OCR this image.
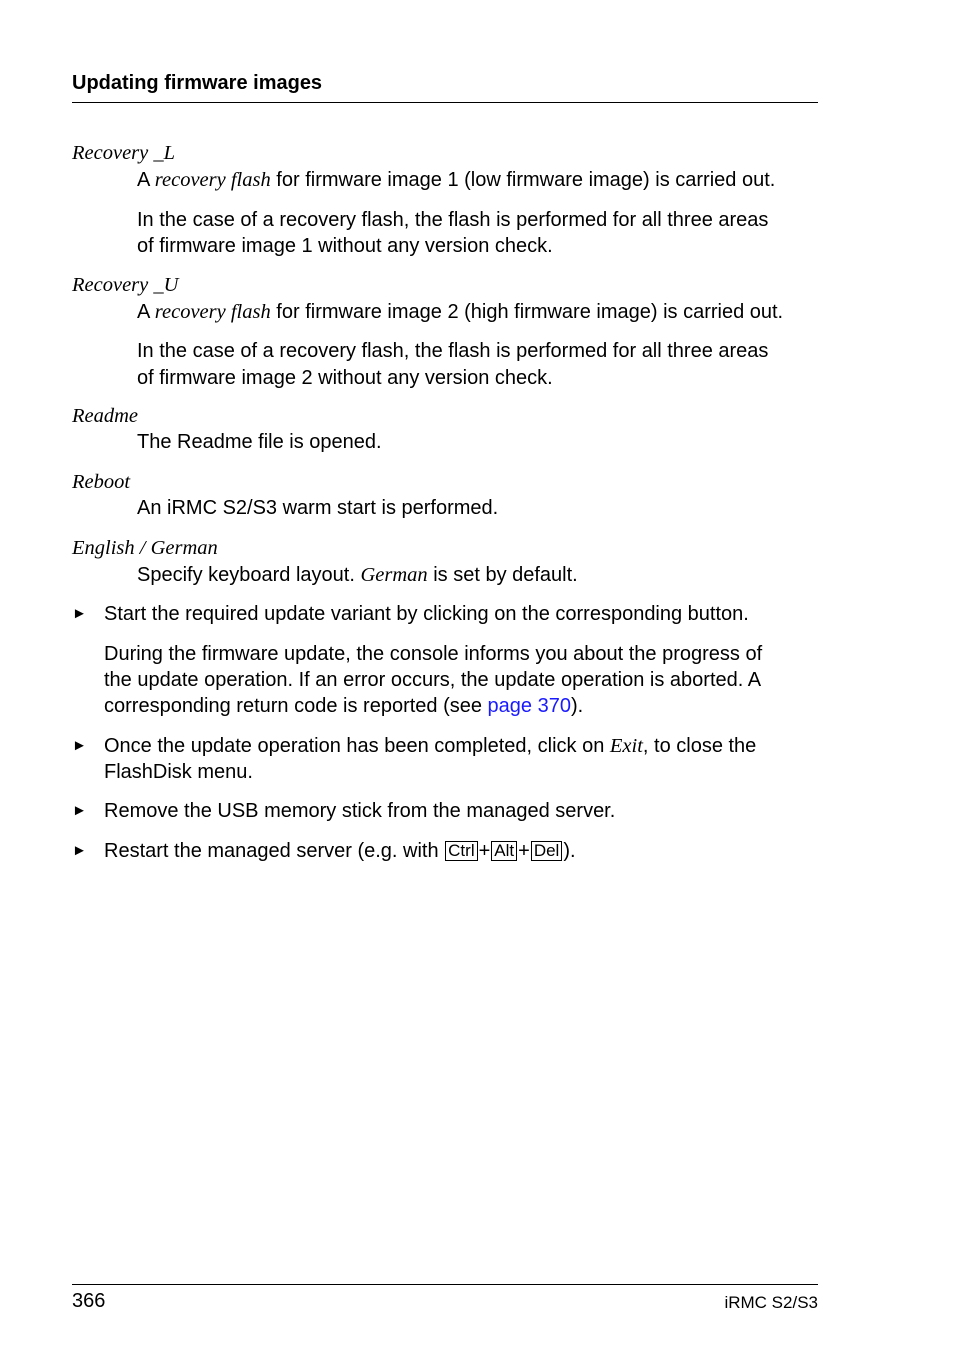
Updating firmware images
Recovery _L
A recovery flash for firmware image 1 (low firmware image) is carried out.
In the case of a recovery flash, the flash is performed for all three areas
of firmware image 1 without any version check.
Recovery _U
A recovery flash for firmware image 2 (high firmware image) is carried out.
In the case of a recovery flash, the flash is performed for all three areas
of firmware image 2 without any version check.
Readme
The Readme file is opened.
Reboot
An iRMC S2/S3 warm start is performed.
English / German
Specify keyboard layout. German is set by default.
► Start the required update variant by clicking on the corresponding button.
During the firmware update, the console informs you about the progress of
the update operation. If an error occurs, the update operation is aborted. A
corresponding return code is reported (see page 370).
► Once the update operation has been completed, click on Exit, to close the
FlashDisk menu.
► Remove the USB memory stick from the managed server.
► Restart the managed server (e.g. with Ctrl + Alt + Del ).
366	iRMC S2/S3
